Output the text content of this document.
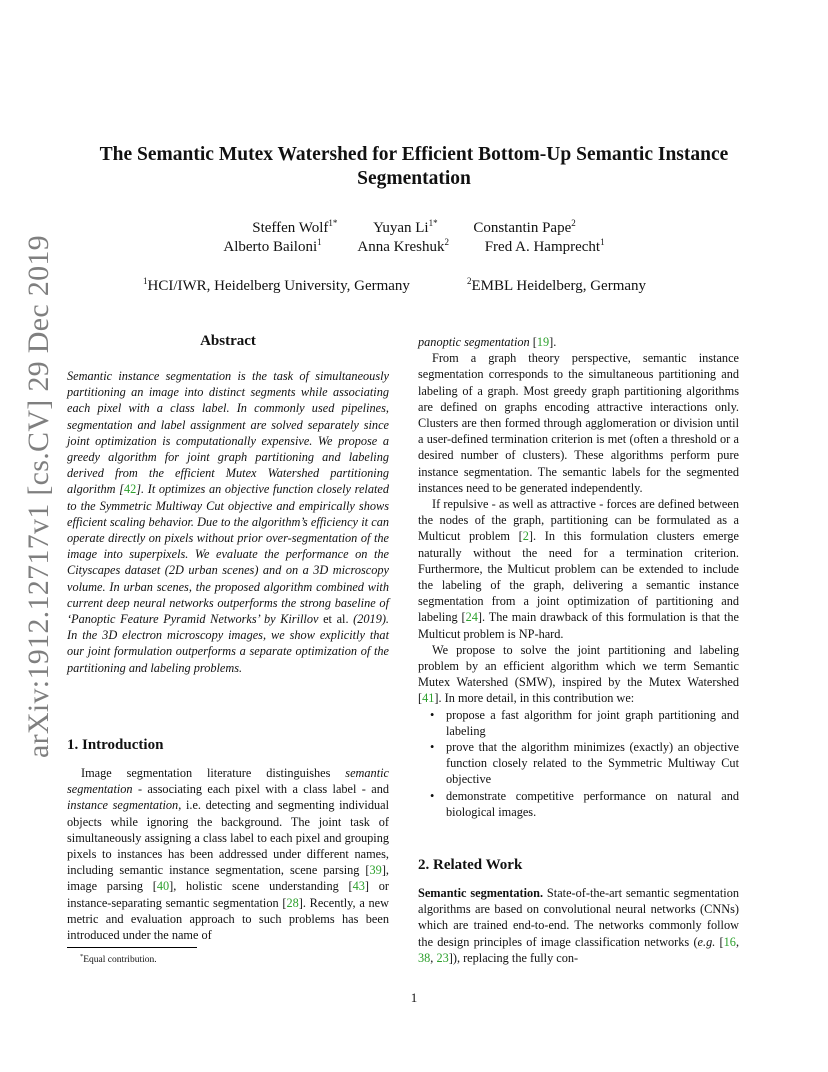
arXiv:1912.12717v1 [cs.CV] 29 Dec 2019
The Semantic Mutex Watershed for Efficient Bottom-Up Semantic Instance
Segmentation
Steffen Wolf$^{1*}$ Yuyan $Li^{1*}$ Constantin Pape$^2$
Alberto Bailoni$^1$ Anna Kreshuk$^2$ Fred A. Hamprecht$^1$
$^1$HCI/IWR, Heidelberg University, Germany	$^2$EMBL Heidelberg, Germany
Abstract
Semantic instance segmentation is the task of simultaneously partitioning an image into distinct segments while associating each pixel with a class label. In commonly used pipelines, segmentation and label assignment are solved separately since joint optimization is computationally expensive. We propose a greedy algorithm for joint graph partitioning and labeling derived from the efficient Mutex Watershed partitioning algorithm [42]. It optimizes an objective function closely related to the Symmetric Multiway Cut objective and empirically shows efficient scaling behavior. Due to the algorithm’s efficiency it can operate directly on pixels without prior over-segmentation of the image into superpixels. We evaluate the performance on the Cityscapes dataset (2D urban scenes) and on a 3D microscopy volume. In urban scenes, the proposed algorithm combined with current deep neural networks outperforms the strong baseline of ‘Panoptic Feature Pyramid Networks’ by Kirillov et al. (2019). In the 3D electron microscopy images, we show explicitly that our joint formulation outperforms a separate optimization of the partitioning and labeling problems.
1. Introduction
Image segmentation literature distinguishes semantic segmentation - associating each pixel with a class label - and instance segmentation, i.e. detecting and segmenting individual objects while ignoring the background. The joint task of simultaneously assigning a class label to each pixel and grouping pixels to instances has been addressed under different names, including semantic instance segmentation, scene parsing [39], image parsing [40], holistic scene understanding [43] or instance-separating semantic segmentation [28]. Recently, a new metric and evaluation approach to such problems has been introduced under the name of
*Equal contribution.

panoptic segmentation [19].

From a graph theory perspective, semantic instance segmentation corresponds to the simultaneous partitioning and labeling of a graph. Most greedy graph partitioning algorithms are defined on graphs encoding attractive interactions only. Clusters are then formed through agglomeration or division until a user-defined termination criterion is met (often a threshold or a desired number of clusters). These algorithms perform pure instance segmentation. The semantic labels for the segmented instances need to be generated independently.

If repulsive - as well as attractive - forces are defined between the nodes of the graph, partitioning can be formulated as a Multicut problem [2]. In this formulation clusters emerge naturally without the need for a termination criterion. Furthermore, the Multicut problem can be extended to include the labeling of the graph, delivering a semantic instance segmentation from a joint optimization of partitioning and labeling [24]. The main drawback of this formulation is that the Multicut problem is NP-hard.

We propose to solve the joint partitioning and labeling problem by an efficient algorithm which we term Semantic Mutex Watershed (SMW), inspired by the Mutex Watershed [41]. In more detail, in this contribution we:

• propose a fast algorithm for joint graph partitioning and labeling
• prove that the algorithm minimizes (exactly) an objective function closely related to the Symmetric Multiway Cut objective
• demonstrate competitive performance on natural and biological images.
2. Related Work
Semantic segmentation. State-of-the-art semantic segmentation algorithms are based on convolutional neural networks (CNNs) which are trained end-to-end. The networks commonly follow the design principles of image classification networks (e.g. [16, 38, 23]), replacing the fully con-
1
